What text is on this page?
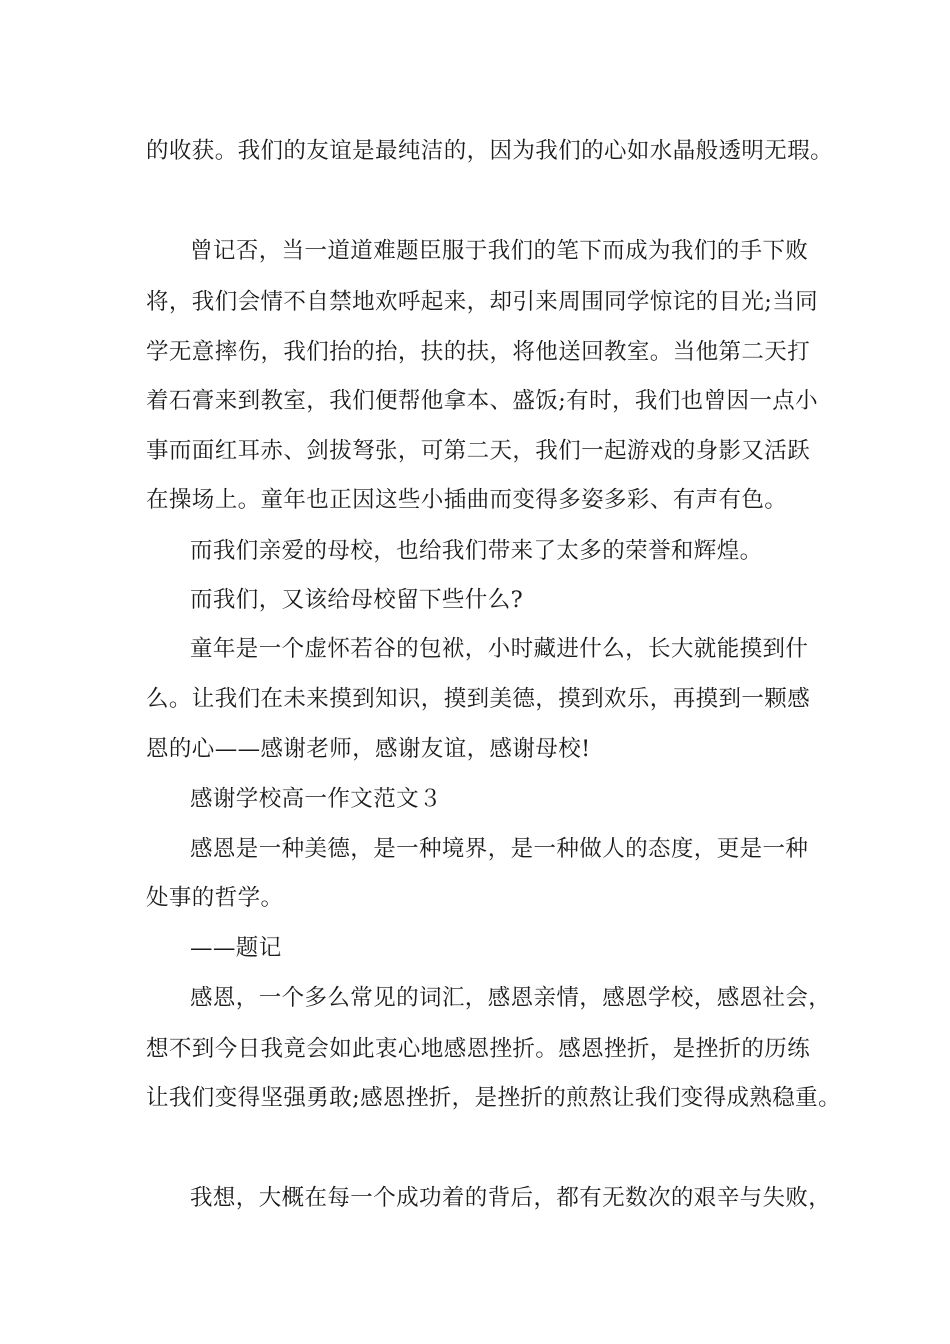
的收获。我们的友谊是最纯洁的，因为我们的心如水晶般透明无瑕。
曾记否，当一道道难题臣服于我们的笔下而成为我们的手下败
将，我们会情不自禁地欢呼起来，却引来周围同学惊诧的目光;当同
学无意摔伤，我们抬的抬，扶的扶，将他送回教室。当他第二天打
着石膏来到教室，我们便帮他拿本、盛饭;有时，我们也曾因一点小
事而面红耳赤、剑拔弩张，可第二天，我们一起游戏的身影又活跃
在操场上。童年也正因这些小插曲而变得多姿多彩、有声有色。
而我们亲爱的母校，也给我们带来了太多的荣誉和辉煌。
而我们，又该给母校留下些什么?
童年是一个虚怀若谷的包袱，小时藏进什么，长大就能摸到什
么。让我们在未来摸到知识，摸到美德，摸到欢乐，再摸到一颗感
恩的心——感谢老师，感谢友谊，感谢母校!
感谢学校高一作文范文３
感恩是一种美德，是一种境界，是一种做人的态度，更是一种
处事的哲学。
——题记
感恩，一个多么常见的词汇，感恩亲情，感恩学校，感恩社会，
想不到今日我竟会如此衷心地感恩挫折。感恩挫折，是挫折的历练
让我们变得坚强勇敢;感恩挫折，是挫折的煎熬让我们变得成熟稳重。
我想，大概在每一个成功着的背后，都有无数次的艰辛与失败，
